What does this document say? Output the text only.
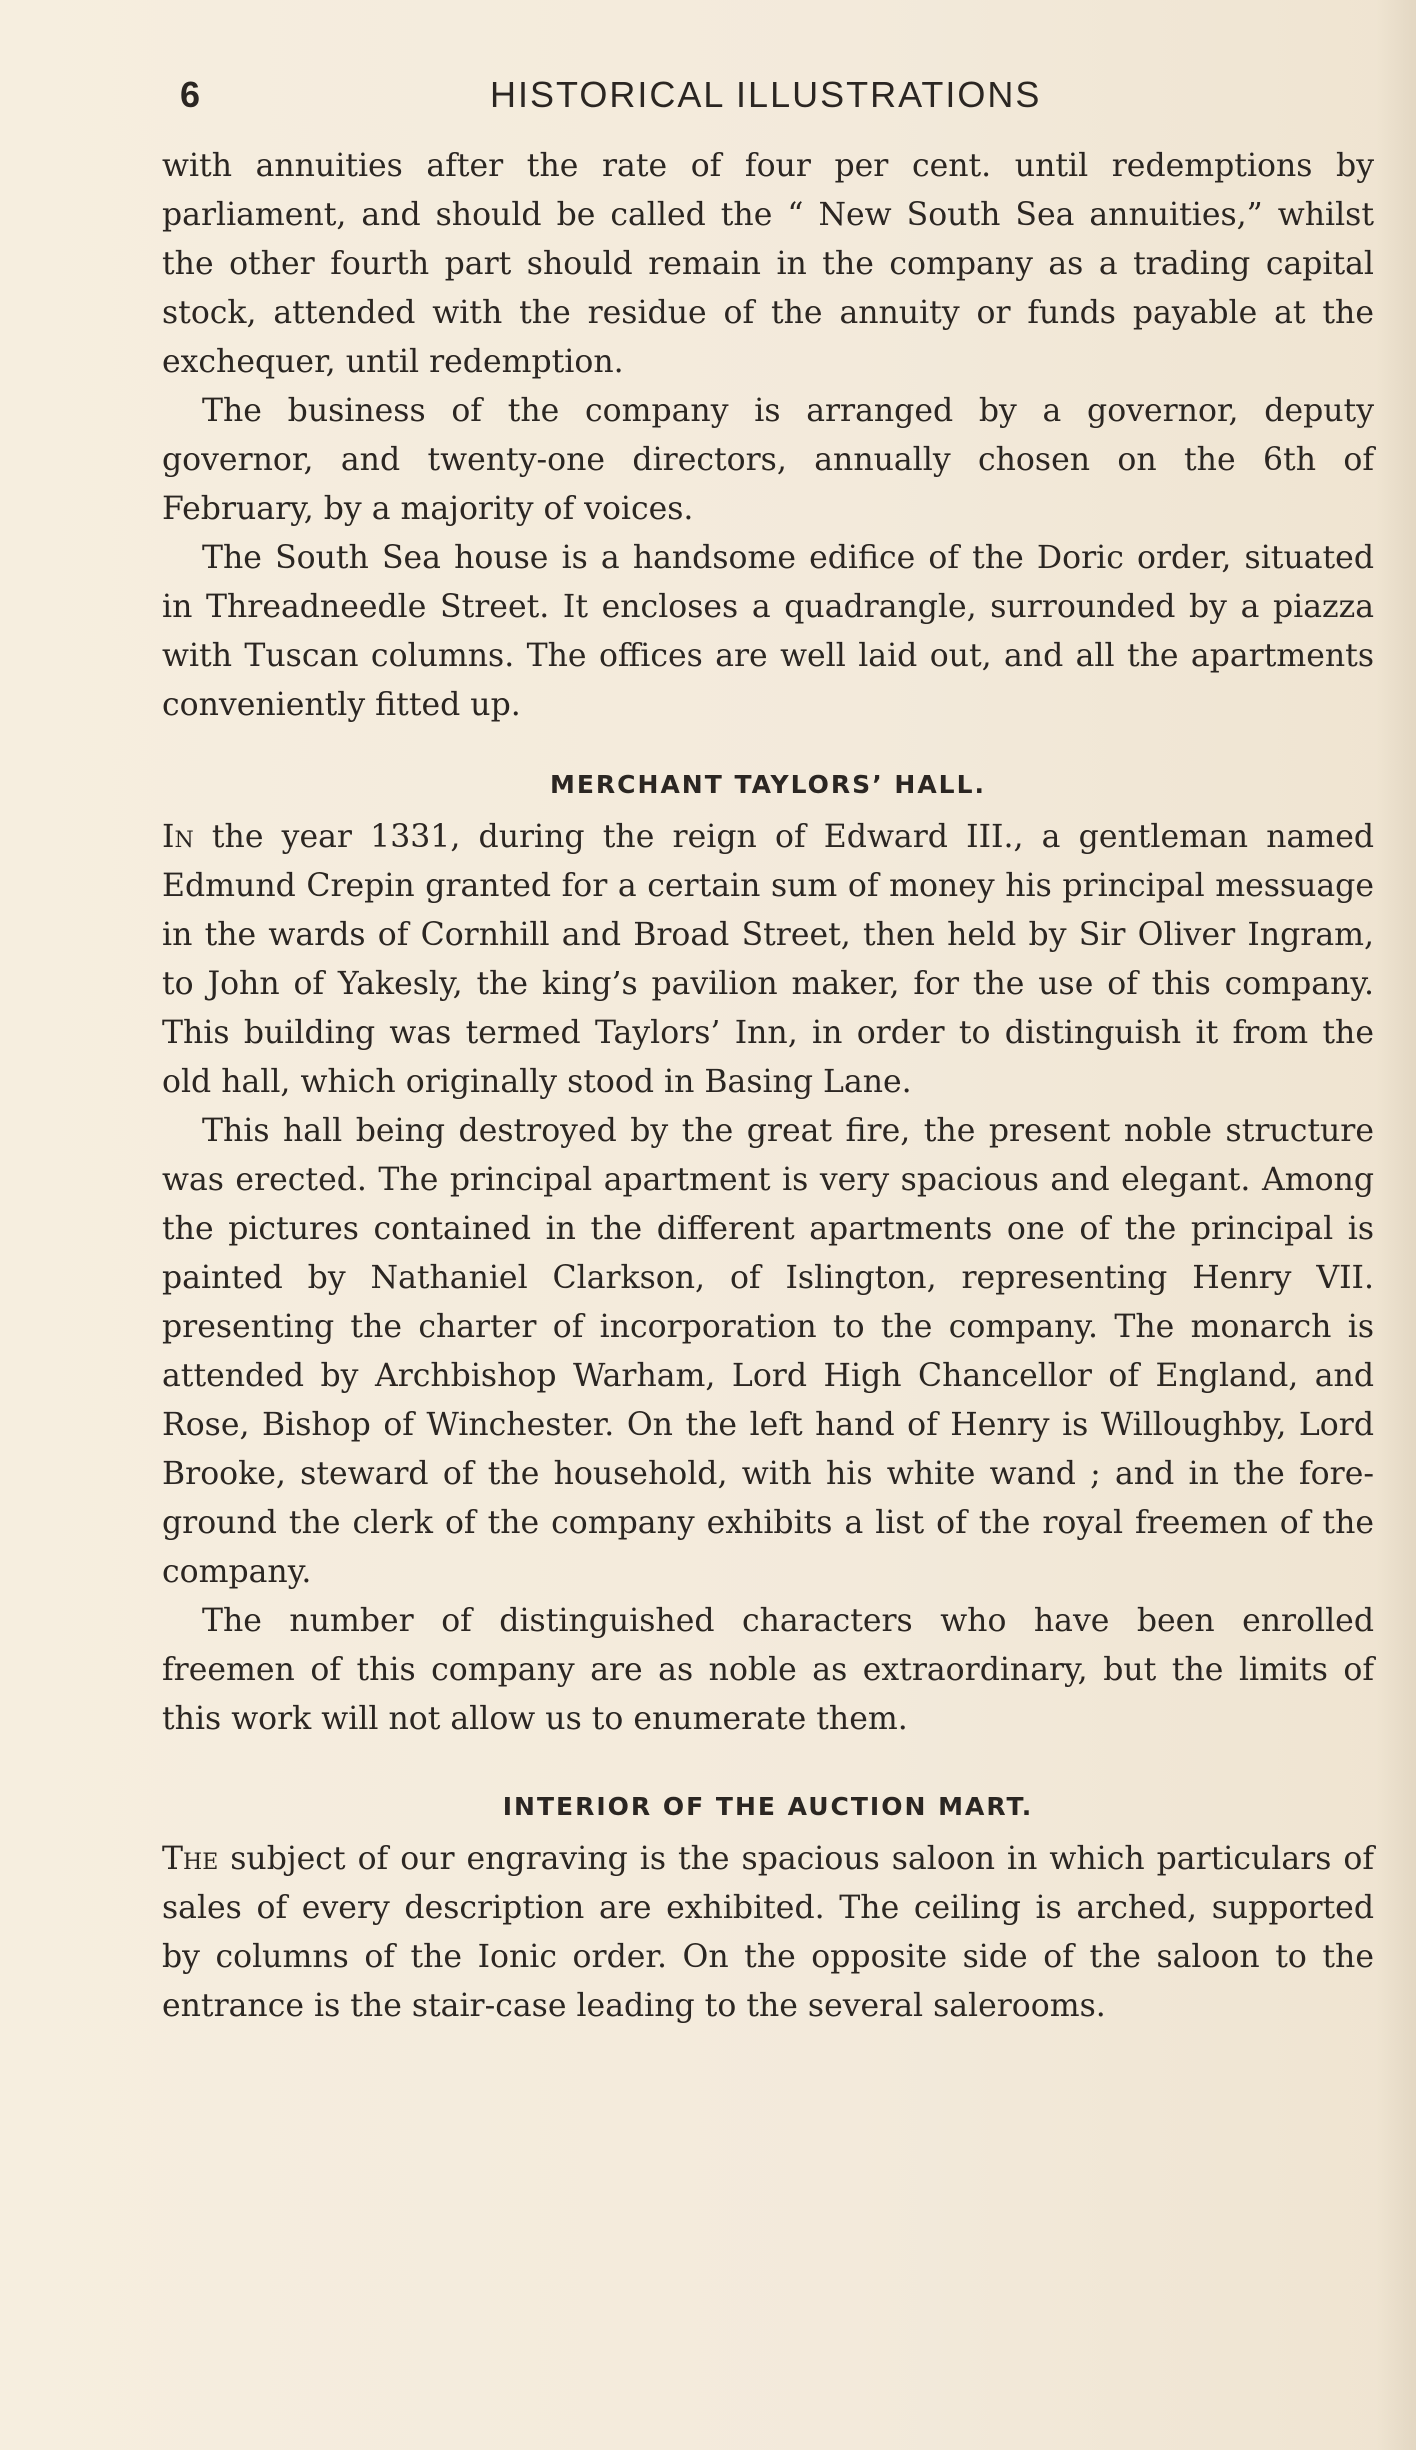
6	HISTORICAL ILLUSTRATIONS

with annuities after the rate of four per cent. until redemptions by parliament, and should be called the “ New South Sea annuities,” whilst the other fourth part should remain in the company as a trading capital stock, attended with the residue of the annuity or funds payable at the exchequer, until redemption.

The business of the company is arranged by a governor, deputy governor, and twenty-one directors, annually chosen on the 6th of February, by a majority of voices.

The South Sea house is a handsome edifice of the Doric order, situated in Threadneedle Street. It encloses a quadrangle, surrounded by a piazza with Tuscan columns. The offices are well laid out, and all the apartments conveniently fitted up.

MERCHANT TAYLORS’ HALL.

In the year 1331, during the reign of Edward III., a gentleman named Edmund Crepin granted for a certain sum of money his principal messuage in the wards of Cornhill and Broad Street, then held by Sir Oliver Ingram, to John of Yakesly, the king’s pavilion maker, for the use of this company. This building was termed Taylors’ Inn, in order to distinguish it from the old hall, which originally stood in Basing Lane.

This hall being destroyed by the great fire, the present noble structure was erected. The principal apartment is very spacious and elegant. Among the pictures contained in the different apartments one of the principal is painted by Nathaniel Clarkson, of Islington, representing Henry VII. presenting the charter of incorporation to the company. The monarch is attended by Archbishop Warham, Lord High Chancellor of England, and Rose, Bishop of Winchester. On the left hand of Henry is Willoughby, Lord Brooke, steward of the household, with his white wand ; and in the fore-ground the clerk of the company exhibits a list of the royal freemen of the company.

The number of distinguished characters who have been enrolled freemen of this company are as noble as extraordinary, but the limits of this work will not allow us to enumerate them.

INTERIOR OF THE AUCTION MART.

The subject of our engraving is the spacious saloon in which particulars of sales of every description are exhibited. The ceiling is arched, supported by columns of the Ionic order. On the opposite side of the saloon to the entrance is the stair-case leading to the several salerooms.
